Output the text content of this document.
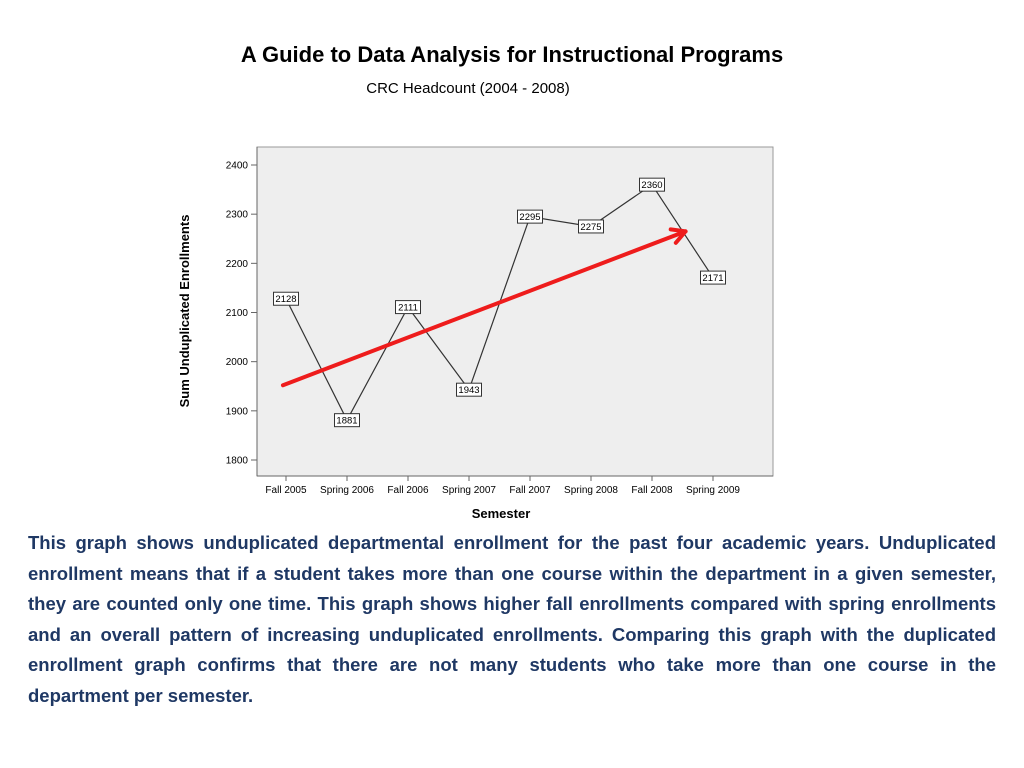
A Guide to Data Analysis for Instructional Programs
CRC Headcount (2004 - 2008)
1800
1900
2000
2100
2200
2300
2400
Fall 2005 Spring 2006 Fall 2006 Spring 2007 Fall 2007 Spring 2008 Fall 2008 Spring 2009
2128
1881
2111
1943
2295
2275
2360
2171
Semester
Sum Unduplicated Enrollments
This graph shows unduplicated departmental enrollment for the past four academic years. Unduplicated enrollment means that if a student takes more than one course within the department in a given semester, they are counted only one time. This graph shows higher fall enrollments compared with spring enrollments and an overall pattern of increasing unduplicated enrollments. Comparing this graph with the duplicated enrollment graph confirms that there are not many students who take more than one course in the department per semester.
